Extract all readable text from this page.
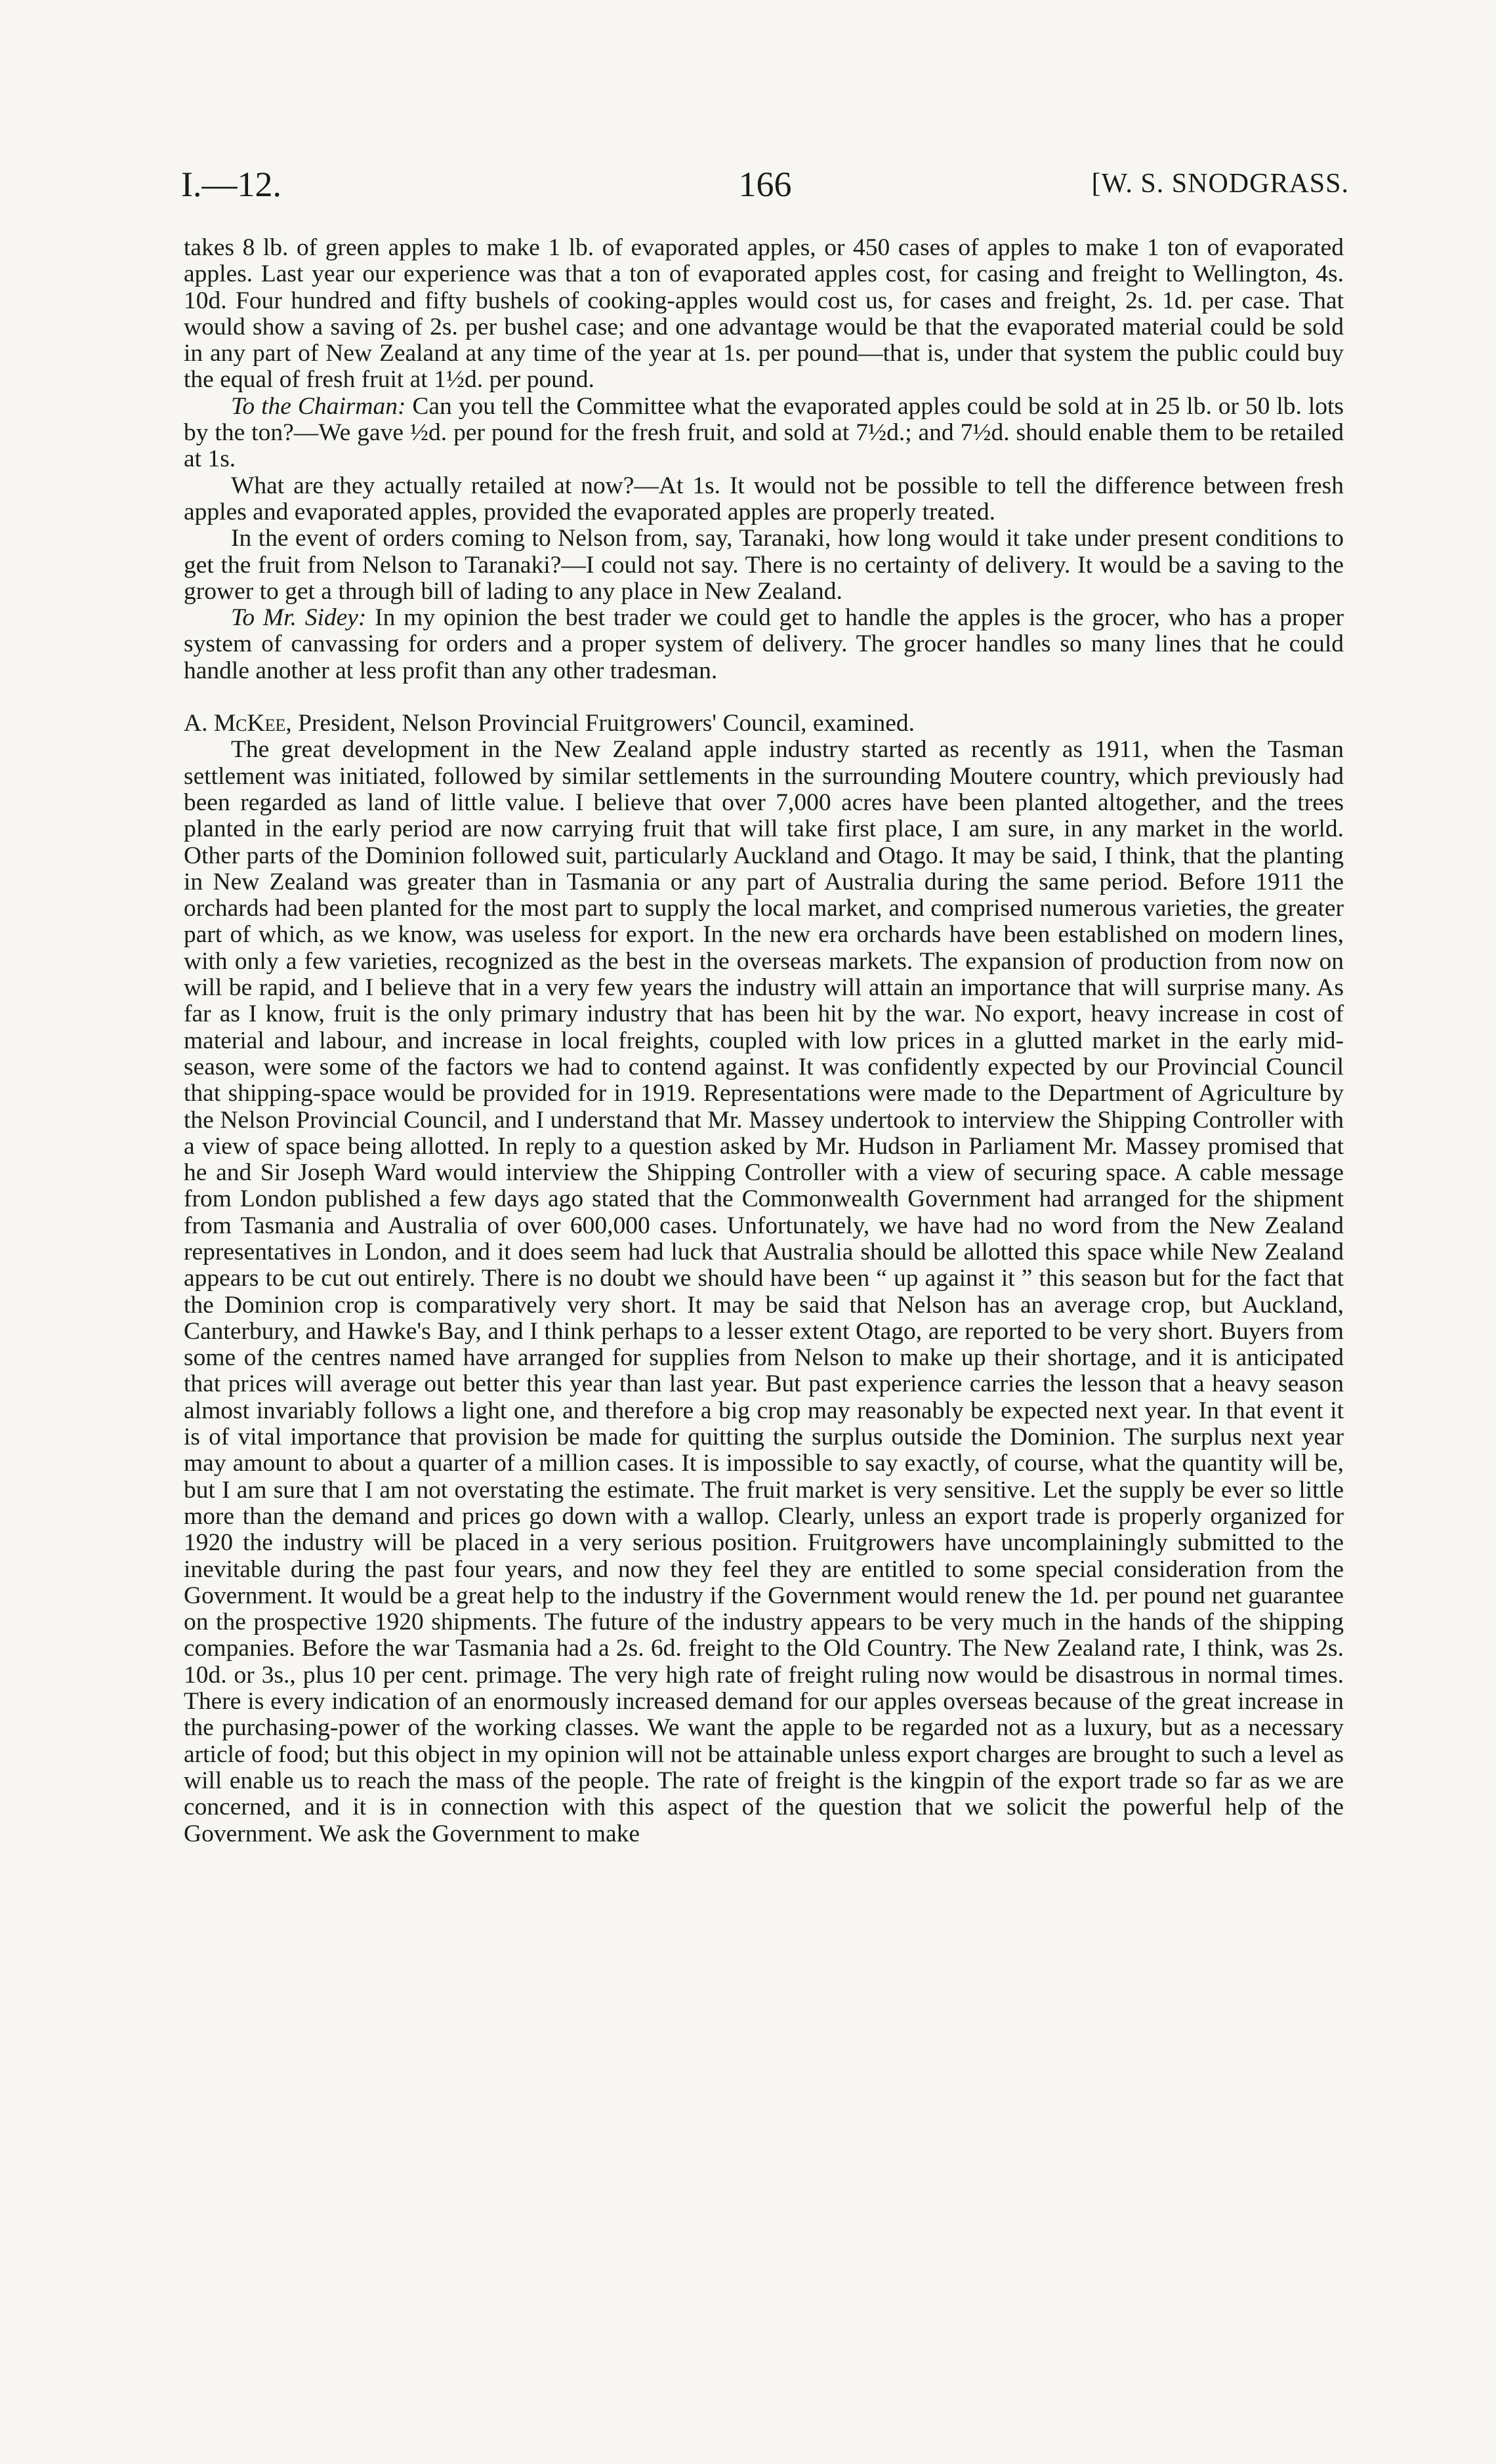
I.—12.	166	[W. S. SNODGRASS.

takes 8 lb. of green apples to make 1 lb. of evaporated apples, or 450 cases of apples to make 1 ton of evaporated apples. Last year our experience was that a ton of evaporated apples cost, for casing and freight to Wellington, 4s. 10d. Four hundred and fifty bushels of cooking-apples would cost us, for cases and freight, 2s. 1d. per case. That would show a saving of 2s. per bushel case; and one advantage would be that the evaporated material could be sold in any part of New Zealand at any time of the year at 1s. per pound—that is, under that system the public could buy the equal of fresh fruit at 1½d. per pound.

To the Chairman: Can you tell the Committee what the evaporated apples could be sold at in 25 lb. or 50 lb. lots by the ton?—We gave ½d. per pound for the fresh fruit, and sold at 7½d.; and 7½d. should enable them to be retailed at 1s.

What are they actually retailed at now?—At 1s. It would not be possible to tell the difference between fresh apples and evaporated apples, provided the evaporated apples are properly treated.

In the event of orders coming to Nelson from, say, Taranaki, how long would it take under present conditions to get the fruit from Nelson to Taranaki?—I could not say. There is no certainty of delivery. It would be a saving to the grower to get a through bill of lading to any place in New Zealand.

To Mr. Sidey: In my opinion the best trader we could get to handle the apples is the grocer, who has a proper system of canvassing for orders and a proper system of delivery. The grocer handles so many lines that he could handle another at less profit than any other tradesman.

A. McKee, President, Nelson Provincial Fruitgrowers' Council, examined.

The great development in the New Zealand apple industry started as recently as 1911, when the Tasman settlement was initiated, followed by similar settlements in the surrounding Moutere country, which previously had been regarded as land of little value. I believe that over 7,000 acres have been planted altogether, and the trees planted in the early period are now carrying fruit that will take first place, I am sure, in any market in the world. Other parts of the Dominion followed suit, particularly Auckland and Otago. It may be said, I think, that the planting in New Zealand was greater than in Tasmania or any part of Australia during the same period. Before 1911 the orchards had been planted for the most part to supply the local market, and comprised numerous varieties, the greater part of which, as we know, was useless for export. In the new era orchards have been established on modern lines, with only a few varieties, recognized as the best in the overseas markets. The expansion of production from now on will be rapid, and I believe that in a very few years the industry will attain an importance that will surprise many. As far as I know, fruit is the only primary industry that has been hit by the war. No export, heavy increase in cost of material and labour, and increase in local freights, coupled with low prices in a glutted market in the early mid-season, were some of the factors we had to contend against. It was confidently expected by our Provincial Council that shipping-space would be provided for in 1919. Representations were made to the Department of Agriculture by the Nelson Provincial Council, and I understand that Mr. Massey undertook to interview the Shipping Controller with a view of space being allotted. In reply to a question asked by Mr. Hudson in Parliament Mr. Massey promised that he and Sir Joseph Ward would interview the Shipping Controller with a view of securing space. A cable message from London published a few days ago stated that the Commonwealth Government had arranged for the shipment from Tasmania and Australia of over 600,000 cases. Unfortunately, we have had no word from the New Zealand representatives in London, and it does seem had luck that Australia should be allotted this space while New Zealand appears to be cut out entirely. There is no doubt we should have been “ up against it ” this season but for the fact that the Dominion crop is comparatively very short. It may be said that Nelson has an average crop, but Auckland, Canterbury, and Hawke's Bay, and I think perhaps to a lesser extent Otago, are reported to be very short. Buyers from some of the centres named have arranged for supplies from Nelson to make up their shortage, and it is anticipated that prices will average out better this year than last year. But past experience carries the lesson that a heavy season almost invariably follows a light one, and therefore a big crop may reasonably be expected next year. In that event it is of vital importance that provision be made for quitting the surplus outside the Dominion. The surplus next year may amount to about a quarter of a million cases. It is impossible to say exactly, of course, what the quantity will be, but I am sure that I am not overstating the estimate. The fruit market is very sensitive. Let the supply be ever so little more than the demand and prices go down with a wallop. Clearly, unless an export trade is properly organized for 1920 the industry will be placed in a very serious position. Fruitgrowers have uncomplainingly submitted to the inevitable during the past four years, and now they feel they are entitled to some special consideration from the Government. It would be a great help to the industry if the Government would renew the 1d. per pound net guarantee on the prospective 1920 shipments. The future of the industry appears to be very much in the hands of the shipping companies. Before the war Tasmania had a 2s. 6d. freight to the Old Country. The New Zealand rate, I think, was 2s. 10d. or 3s., plus 10 per cent. primage. The very high rate of freight ruling now would be disastrous in normal times. There is every indication of an enormously increased demand for our apples overseas because of the great increase in the purchasing-power of the working classes. We want the apple to be regarded not as a luxury, but as a necessary article of food; but this object in my opinion will not be attainable unless export charges are brought to such a level as will enable us to reach the mass of the people. The rate of freight is the kingpin of the export trade so far as we are concerned, and it is in connection with this aspect of the question that we solicit the powerful help of the Government. We ask the Government to make
